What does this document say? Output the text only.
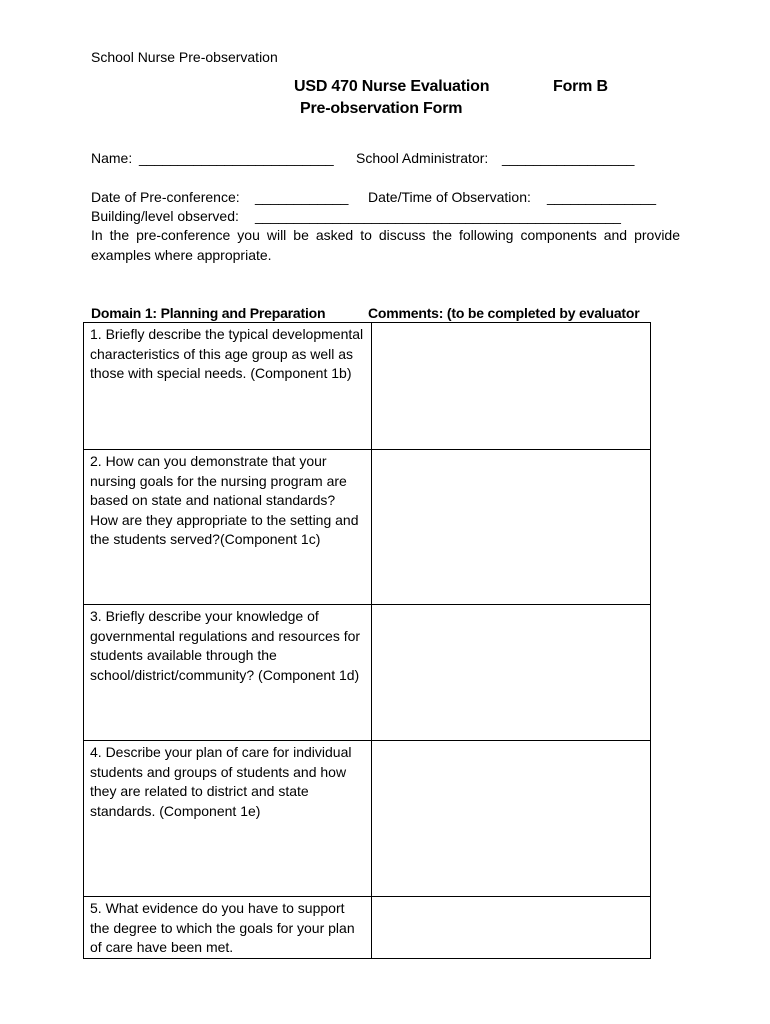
School Nurse Pre-observation
USD 470 Nurse Evaluation	Form B
Pre-observation Form
Name: _________________________ School Administrator: _________________
Date of Pre-conference: ____________ Date/Time of Observation: ______________
Building/level observed: _______________________________________________
In the pre-conference you will be asked to discuss the following components and provide examples where appropriate.
Domain 1: Planning and Preparation	Comments: (to be completed by evaluator
1. Briefly describe the typical developmental characteristics of this age group as well as those with special needs. (Component 1b)	
2. How can you demonstrate that your nursing goals for the nursing program are based on state and national standards? How are they appropriate to the setting and the students served?(Component 1c)	
3. Briefly describe your knowledge of governmental regulations and resources for students available through the school/district/community? (Component 1d)	
4. Describe your plan of care for individual students and groups of students and how they are related to district and state standards. (Component 1e)	
5. What evidence do you have to support the degree to which the goals for your plan of care have been met.	
